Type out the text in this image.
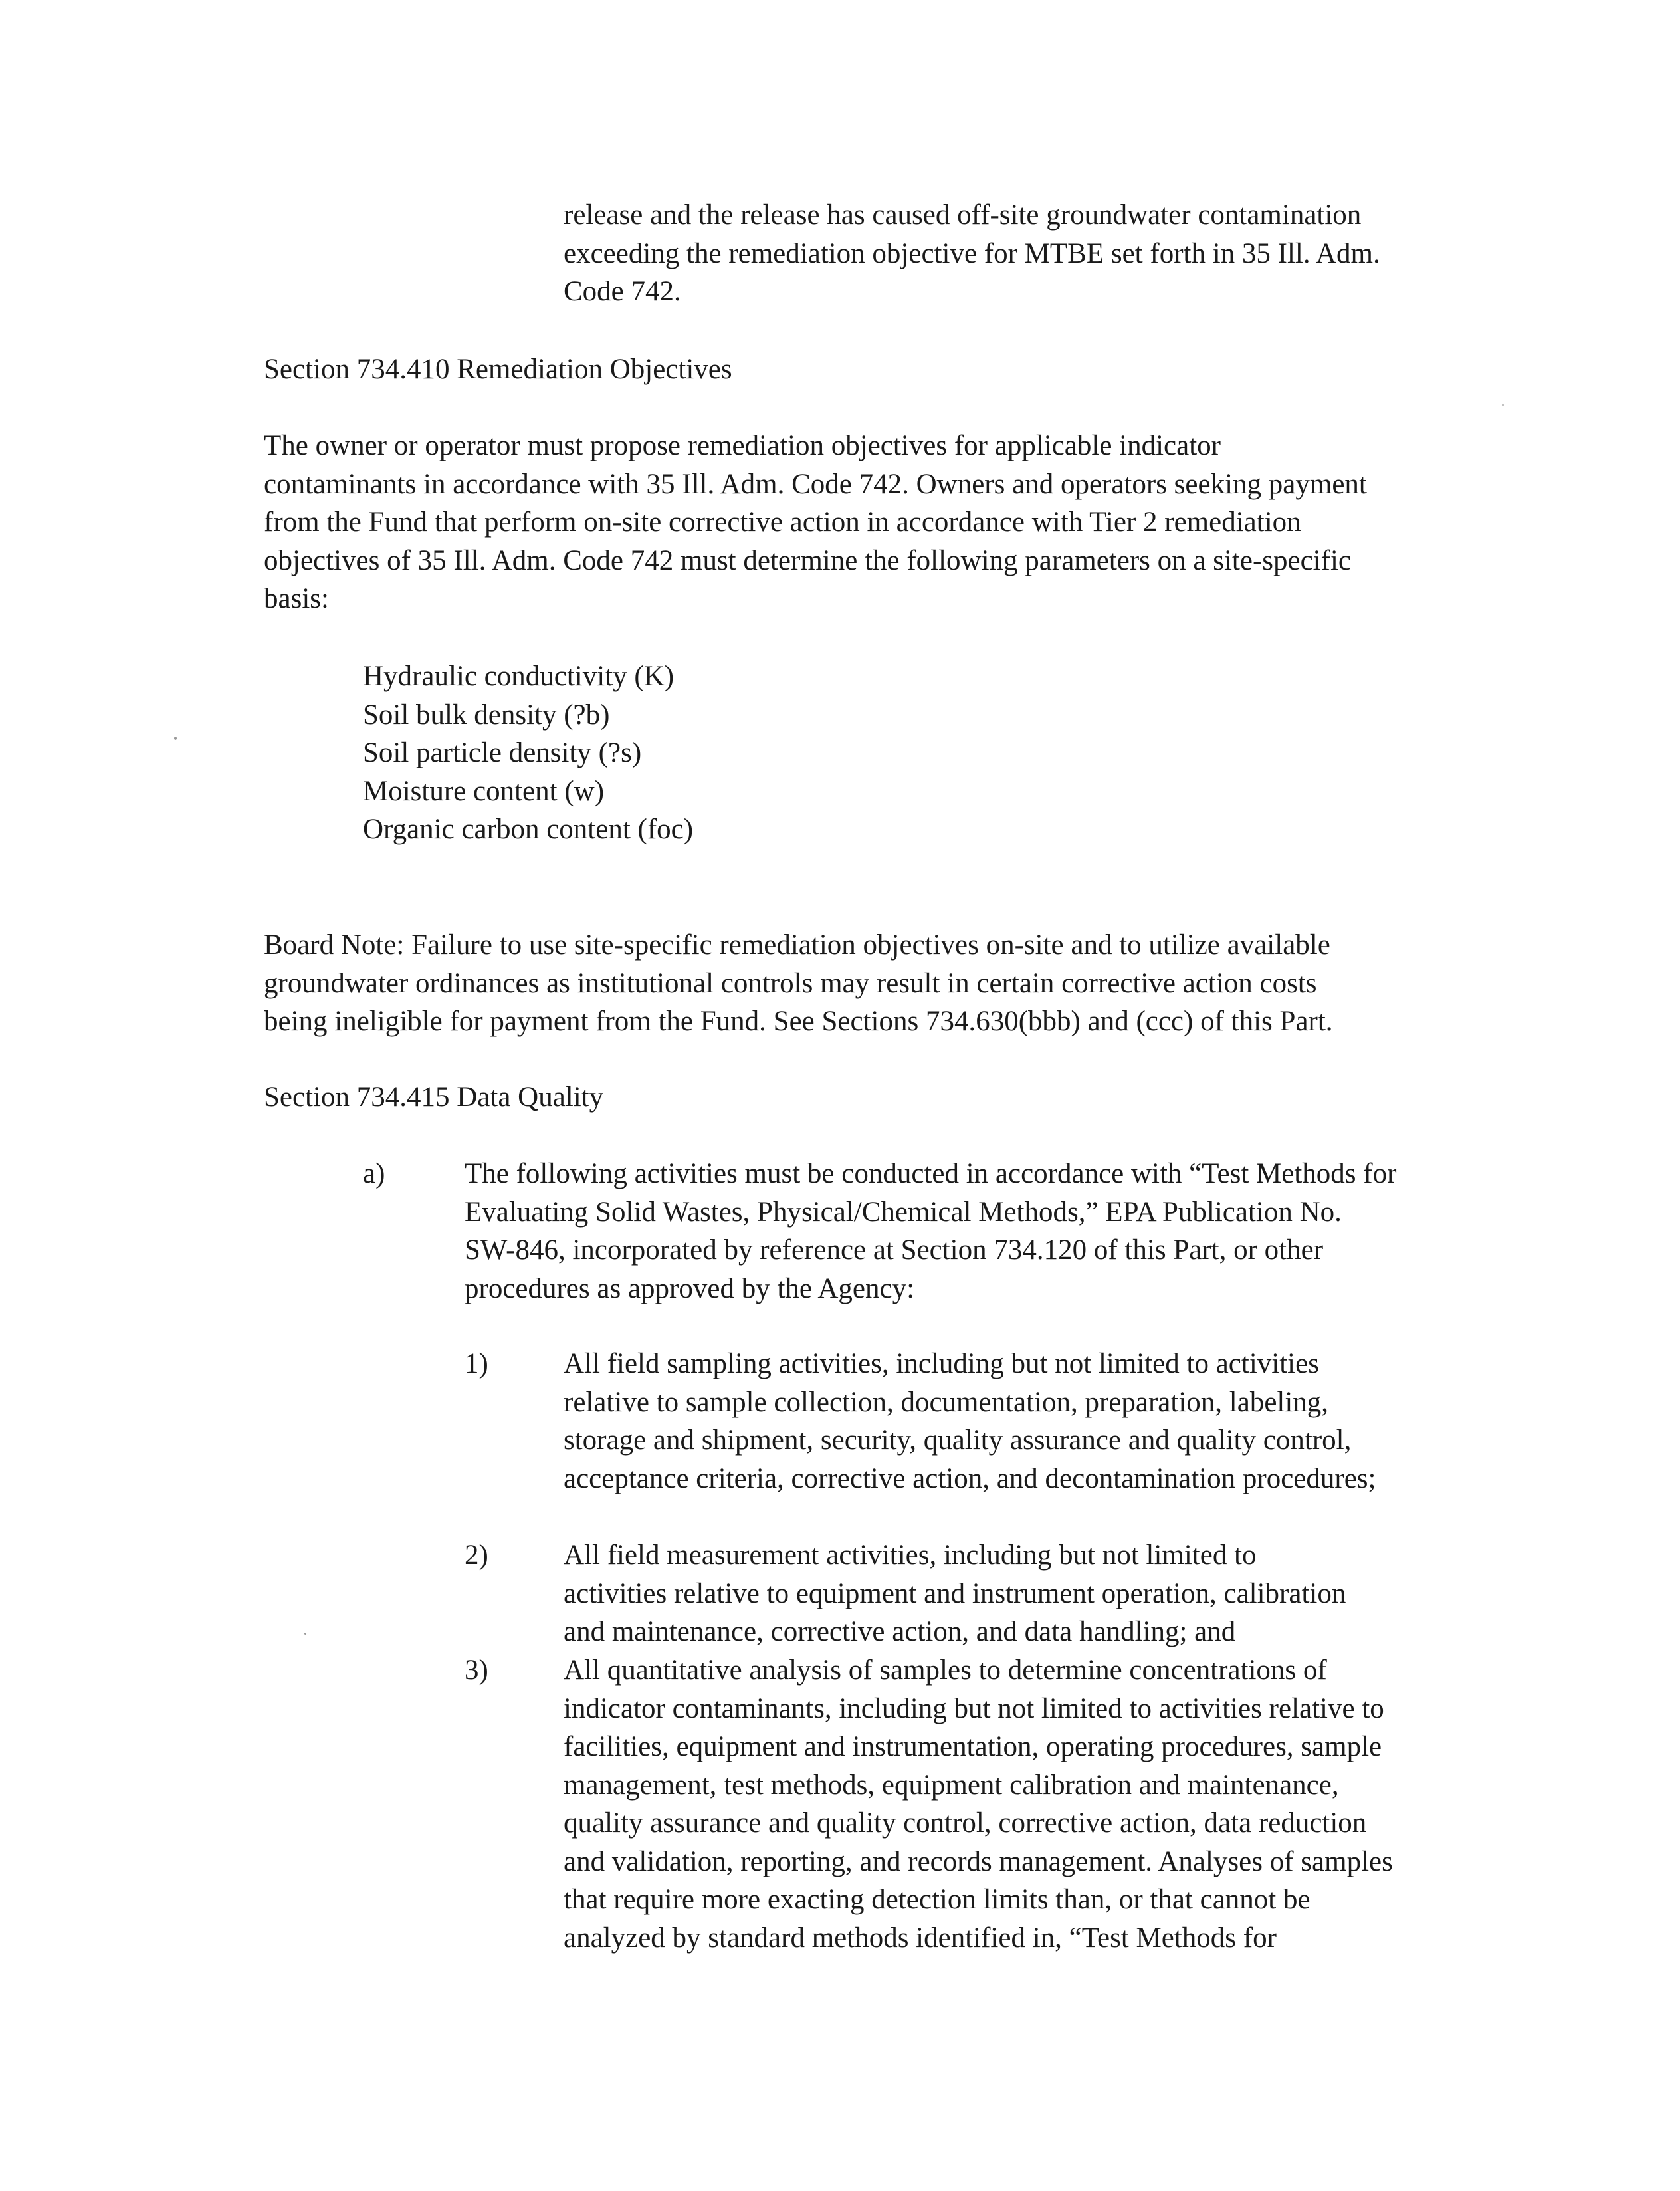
release and the release has caused off-site groundwater contamination
exceeding the remediation objective for MTBE set forth in 35 Ill. Adm.
Code 742.
Section 734.410 Remediation Objectives
The owner or operator must propose remediation objectives for applicable indicator
contaminants in accordance with 35 Ill. Adm. Code 742. Owners and operators seeking payment
from the Fund that perform on-site corrective action in accordance with Tier 2 remediation
objectives of 35 Ill. Adm. Code 742 must determine the following parameters on a site-specific
basis:
Hydraulic conductivity (K)
Soil bulk density (?b)
Soil particle density (?s)
Moisture content (w)
Organic carbon content (foc)
Board Note: Failure to use site-specific remediation objectives on-site and to utilize available
groundwater ordinances as institutional controls may result in certain corrective action costs
being ineligible for payment from the Fund. See Sections 734.630(bbb) and (ccc) of this Part.
Section 734.415 Data Quality
a)	The following activities must be conducted in accordance with “Test Methods for
Evaluating Solid Wastes, Physical/Chemical Methods,” EPA Publication No.
SW-846, incorporated by reference at Section 734.120 of this Part, or other
procedures as approved by the Agency:
1)	All field sampling activities, including but not limited to activities
relative to sample collection, documentation, preparation, labeling,
storage and shipment, security, quality assurance and quality control,
acceptance criteria, corrective action, and decontamination procedures;
2)	All field measurement activities, including but not limited to
activities relative to equipment and instrument operation, calibration
and maintenance, corrective action, and data handling; and
3)	All quantitative analysis of samples to determine concentrations of
indicator contaminants, including but not limited to activities relative to
facilities, equipment and instrumentation, operating procedures, sample
management, test methods, equipment calibration and maintenance,
quality assurance and quality control, corrective action, data reduction
and validation, reporting, and records management. Analyses of samples
that require more exacting detection limits than, or that cannot be
analyzed by standard methods identified in, “Test Methods for
